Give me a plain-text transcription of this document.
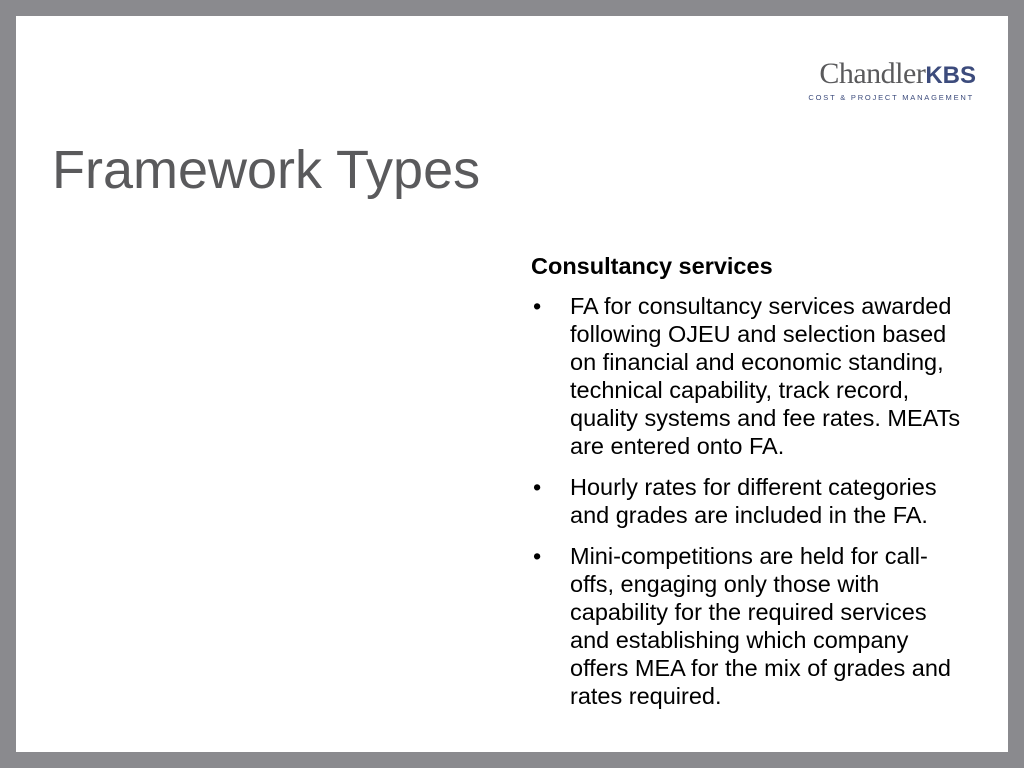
ChandlerKBS
COST & PROJECT MANAGEMENT
Framework Types
Consultancy services
• FA for consultancy services awarded following OJEU and selection based on financial and economic standing, technical capability, track record, quality systems and fee rates. MEATs are entered onto FA.
• Hourly rates for different categories and grades are included in the FA.
• Mini-competitions are held for call-offs, engaging only those with capability for the required services and establishing which company offers MEA for the mix of grades and rates required.
